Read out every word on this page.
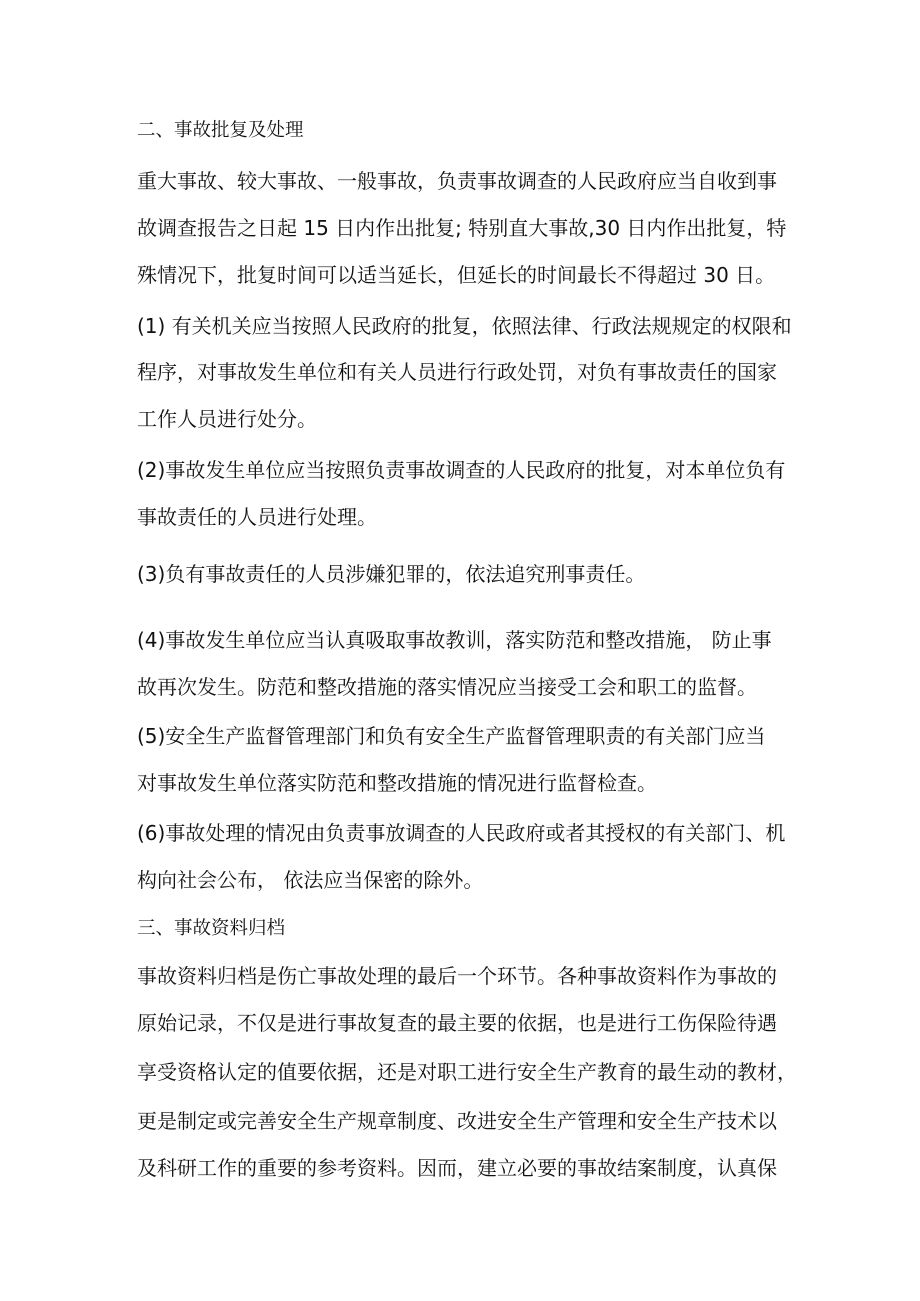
二、事故批复及处理
重大事故、较大事故、一般事故，负责事故调查的人民政府应当自收到事
故调查报告之日起 15 日内作出批复; 特别直大事故,30 日内作出批复，特
殊情况下，批复时间可以适当延长，但延长的时间最长不得超过 30 日。
(1) 有关机关应当按照人民政府的批复，依照法律、行政法规规定的权限和
程序，对事故发生单位和有关人员进行行政处罚，对负有事故责任的国家
工作人员进行处分。
(2)事故发生单位应当按照负责事故调查的人民政府的批复，对本单位负有
事故责任的人员进行处理。
(3)负有事故责任的人员涉嫌犯罪的，依法追究刑事责任。
(4)事故发生单位应当认真吸取事故教训，落实防范和整改措施， 防止事
故再次发生。防范和整改措施的落实情况应当接受工会和职工的监督。
(5)安全生产监督管理部门和负有安全生产监督管理职责的有关部门应当
对事故发生单位落实防范和整改措施的情况进行监督检查。
(6)事故处理的情况由负责事放调查的人民政府或者其授权的有关部门、机
构向社会公布， 依法应当保密的除外。
三、事故资料归档
事故资料归档是伤亡事故处理的最后一个环节。各种事故资料作为事故的
原始记录，不仅是进行事故复查的最主要的依据，也是进行工伤保险待遇
享受资格认定的值要依据，还是对职工进行安全生产教育的最生动的教材，
更是制定或完善安全生产规章制度、改进安全生产管理和安全生产技术以
及科研工作的重要的参考资料。因而，建立必要的事故结案制度，认真保
